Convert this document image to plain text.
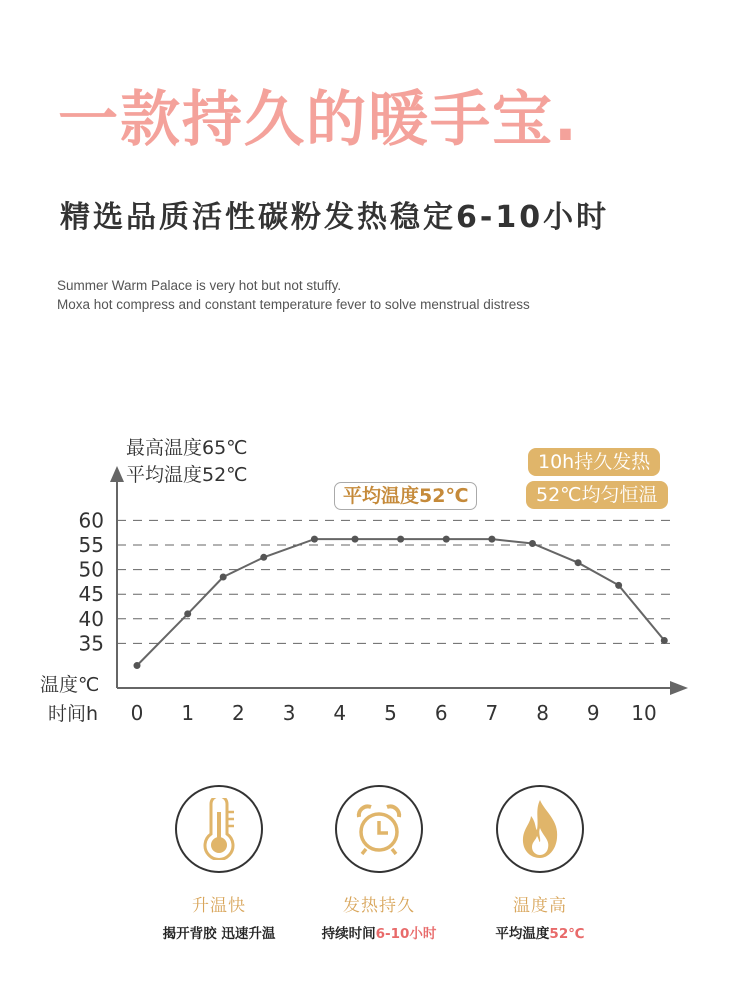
一款持久的暖手宝.
精选品质活性碳粉发热稳定6-10小时
Summer Warm Palace is very hot but not stuffy.
Moxa hot compress and constant temperature fever to solve menstrual distress
60
55
50
45
40
35
0 1 2 3 4 5 6 7 8 9 10
最高温度65℃
平均温度52℃
温度℃
时间h
平均温度52℃
10h持久发热
52℃均匀恒温
升温快
揭开背胶 迅速升温
发热持久
持续时间6-10小时
温度高
平均温度52℃
